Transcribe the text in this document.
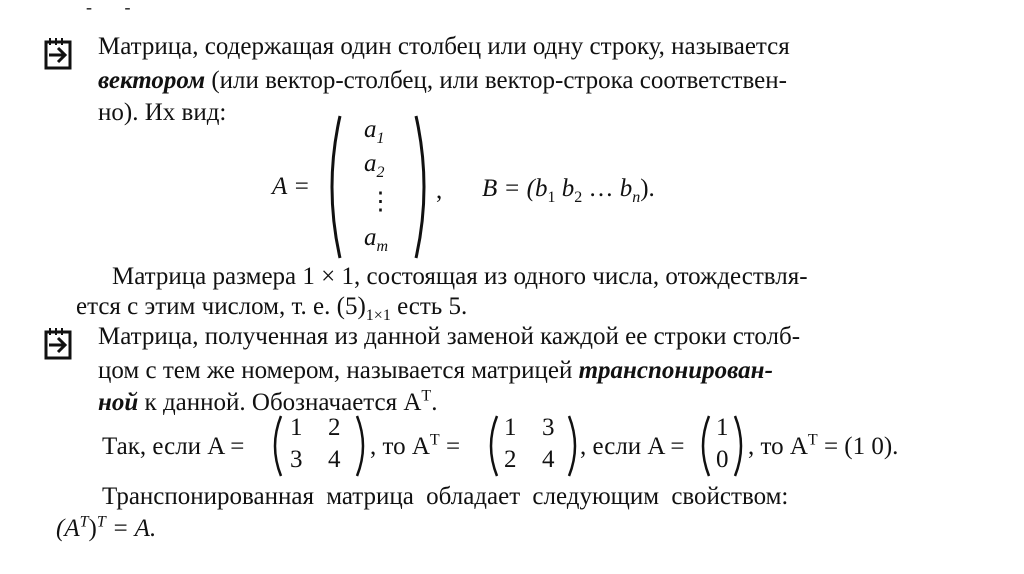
- -
Матрица, содержащая один столбец или одну строку, называется
вектором (или вектор-столбец, или вектор-строка соответствен-
но). Их вид:
A =
$a_1$
$a_2$
⋮
$a_m$
, $B = (b_1$ $b_2$ … $b_n$).
Матрица размера 1 × 1, состоящая из одного числа, отождествля-
ется с этим числом, т. е. $(5)_{1\times 1}$ есть 5.
Матрица, полученная из данной заменой каждой ее строки столб-
цом с тем же номером, называется матрицей транспонирован-
ной к данной. Обозначается $A^T$.
Так, если A =
1 2
3 4 , то $A^T$ =
1 3
2 4 , если A =
1
0 , то $A^T = (1$ 0).
Транспонированная матрица обладает следующим свойством:
$(A^T)^T = A$.
